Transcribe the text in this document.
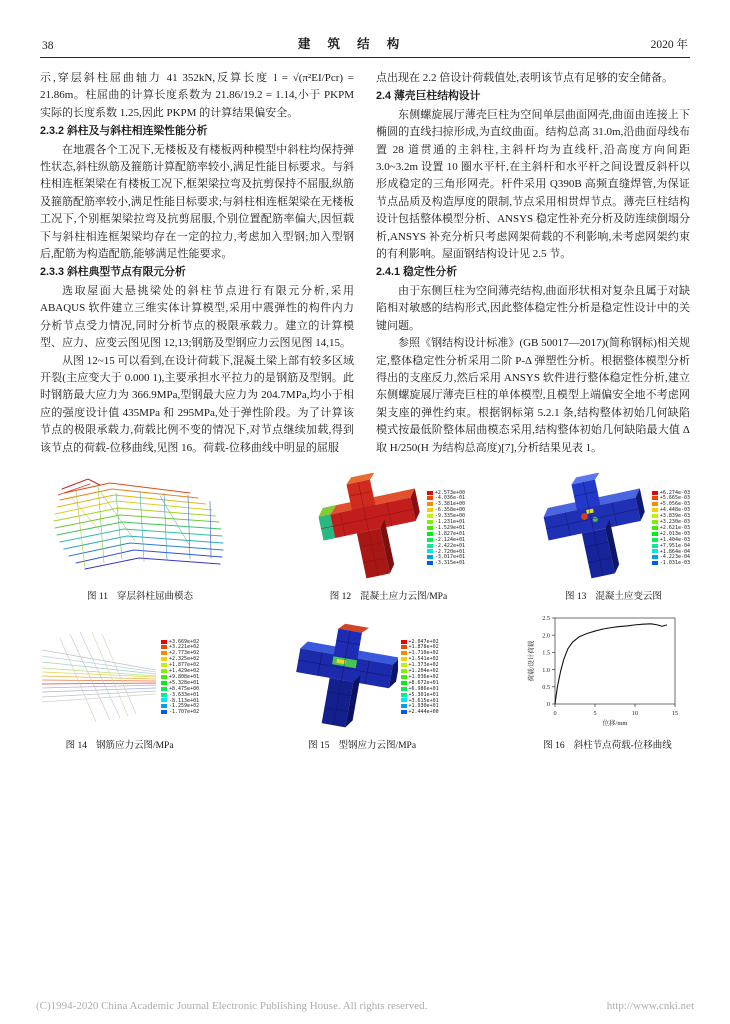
38	建 筑 结 构	2020 年

示,穿层斜柱屈曲轴力 41 352kN,反算长度 l = √(π²EI/Pcr) = 21.86m。柱屈曲的计算长度系数为 21.86/19.2 = 1.14,小于 PKPM 实际的长度系数 1.25,因此 PKPM 的计算结果偏安全。

2.3.2 斜柱及与斜柱相连梁性能分析

在地震各个工况下,无楼板及有楼板两种模型中斜柱均保持弹性状态,斜柱纵筋及箍筋计算配筋率较小,满足性能目标要求。与斜柱相连框架梁在有楼板工况下,框架梁拉弯及抗剪保持不屈服,纵筋及箍筋配筋率较小,满足性能目标要求;与斜柱相连框架梁在无楼板工况下,个别框架梁拉弯及抗剪屈服,个别位置配筋率偏大,因恒载下与斜柱相连框架梁均存在一定的拉力,考虑加入型钢;加入型钢后,配筋为构造配筋,能够满足性能要求。

2.3.3 斜柱典型节点有限元分析

选取屋面大悬挑梁处的斜柱节点进行有限元分析,采用 ABAQUS 软件建立三维实体计算模型,采用中震弹性的构件内力分析节点受力情况,同时分析节点的极限承载力。建立的计算模型、应力、应变云图见图 12,13;钢筋及型钢应力云图见图 14,15。

从图 12~15 可以看到,在设计荷载下,混凝土梁上部有较多区域开裂(主应变大于 0.000 1),主要承担水平拉力的是钢筋及型钢。此时钢筋最大应力为 366.9MPa,型钢最大应力为 204.7MPa,均小于相应的强度设计值 435MPa 和 295MPa,处于弹性阶段。为了计算该节点的极限承载力,荷载比例不变的情况下,对节点继续加载,得到该节点的荷载-位移曲线,见图 16。荷载-位移曲线中明显的屈服

点出现在 2.2 倍设计荷载值处,表明该节点有足够的安全储备。

2.4 薄壳巨柱结构设计

东侧螺旋展厅薄壳巨柱为空间单层曲面网壳,曲面由连接上下椭圆的直线扫掠形成,为直纹曲面。结构总高 31.0m,沿曲面母线布置 28 道贯通的主斜柱,主斜杆均为直线杆,沿高度方向间距 3.0~3.2m 设置 10 圈水平杆,在主斜杆和水平杆之间设置反斜杆以形成稳定的三角形网壳。杆件采用 Q390B 高频直缝焊管,为保证节点品质及构造厚度的限制,节点采用相贯焊节点。薄壳巨柱结构设计包括整体模型分析、ANSYS 稳定性补充分析及防连续倒塌分析,ANSYS 补充分析只考虑网架荷载的不利影响,未考虑网架约束的有利影响。屋面钢结构设计见 2.5 节。

2.4.1 稳定性分析

由于东侧巨柱为空间薄壳结构,曲面形状相对复杂且属于对缺陷相对敏感的结构形式,因此整体稳定性分析是稳定性设计中的关键问题。

参照《钢结构设计标准》(GB 50017—2017)(简称钢标)相关规定,整体稳定性分析采用二阶 P-Δ 弹塑性分析。根据整体模型分析得出的支座反力,然后采用 ANSYS 软件进行整体稳定性分析,建立东侧螺旋展厅薄壳巨柱的单体模型,且模型上端偏安全地不考虑网架支座的弹性约束。根据钢标第 5.2.1 条,结构整体初始几何缺陷模式按最低阶整体屈曲模态采用,结构整体初始几何缺陷最大值 Δ 取 H/250(H 为结构总高度)[7],分析结果见表 1。

图 11 穿层斜柱屈曲模态
+2.573e+00
-4.036e-01
-3.381e+00
-6.358e+00
-9.335e+00
-1.231e+01
-1.529e+01
-1.827e+01
-2.124e+01
-2.422e+01
-2.720e+01
-3.017e+01
-3.315e+01
图 12 混凝土应力云图/MPa
+6.274e-03
+5.665e-03
+5.056e-03
+4.448e-03
+3.839e-03
+3.230e-03
+2.621e-03
+2.013e-03
+1.404e-03
+7.951e-04
+1.864e-04
-4.223e-04
-1.031e-03
图 13 混凝土应变云图
+3.669e+02
+3.221e+02
+2.773e+02
+2.325e+02
+1.877e+02
+1.429e+02
+9.808e+01
+5.328e+01
+8.475e+00
-3.633e+01
-8.113e+01
-1.259e+02
-1.707e+02
图 14 钢筋应力云图/MPa
+2.047e+02
+1.878e+02
+1.710e+02
+1.541e+02
+1.373e+02
+1.204e+02
+1.036e+02
+8.672e+01
+6.986e+01
+5.301e+01
+3.615e+01
+1.930e+01
+2.444e+00
图 15 型钢应力云图/MPa
0	5	10	15
0
0.5
1.0
1.5
2.0
2.5
位移/mm
荷载/设计荷载
图 16 斜柱节点荷载-位移曲线
(C)1994-2020 China Academic Journal Electronic Publishing House. All rights reserved.	http://www.cnki.net
